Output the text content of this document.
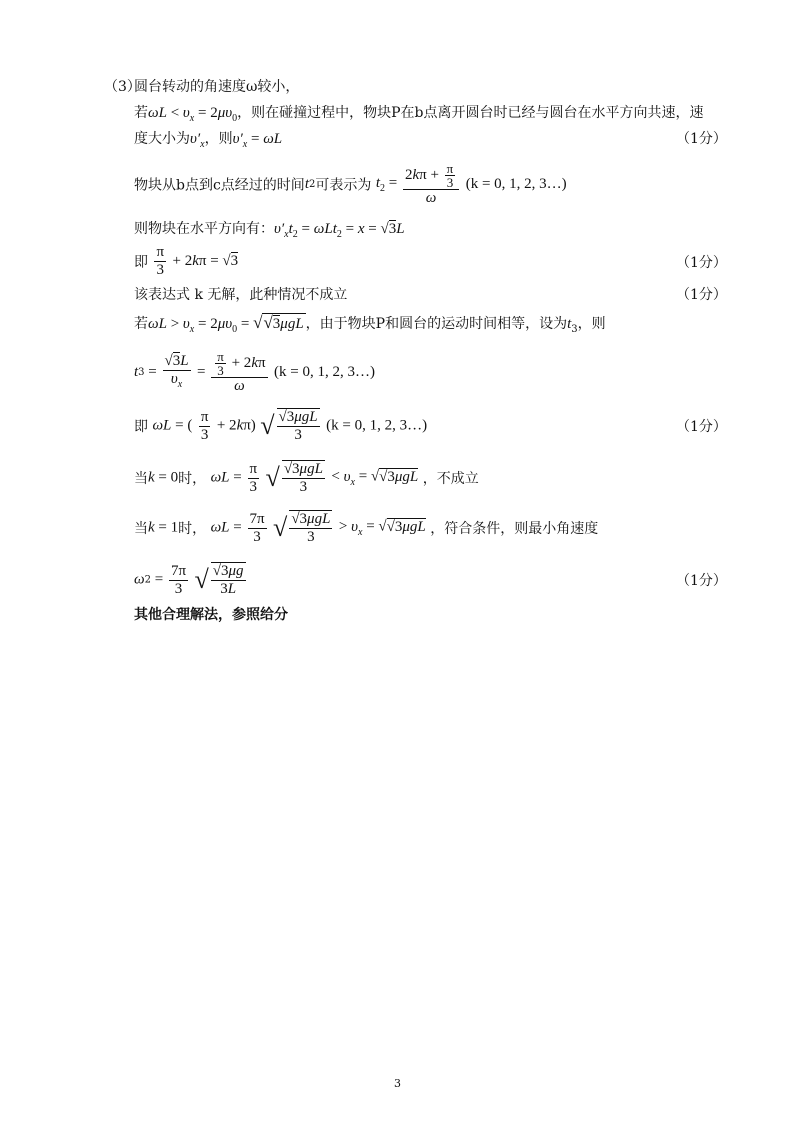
（3）
圆台转动的角速度ω较小，
若$\omega L < \upsilon_x = 2\mu\upsilon_0$，则在碰撞过程中，物块P在b点离开圆台时已经与圆台在水平方向共速，速
度大小为$\upsilon'_x$，则$\upsilon'_x = \omega L$	（1分）
物块从b点到c点经过的时间t2可表示为 $t_2 = \frac{2k\pi + \frac{\pi}{3}}{\omega} (k = 0$, 1, 2, 3…)
则物块在水平方向有：$\upsilon'_xt_2 = \omega Lt_2 = x = √3L$
即 $\frac{\pi}{3} + 2k\pi = √3$	（1分）
该表达式 k 无解，此种情况不成立	（1分）
若$\omega L > \upsilon_x = 2\mu\upsilon_0 = √√3\mu gL$ ，由于物块P和圆台的运动时间相等，设为$t_3$，则
$t3 = \frac{√3L}{\upsilon_x} = \frac{\frac{\pi}{3} + 2k\pi}{\omega} (k = 0$, 1, 2, 3…)
即 ωL = ( $\frac{\pi}{3} + 2k\pi$) √ $\frac{\text{√3μgL}}{3} (k = 0$, 1, 2, 3…)	（1分）
当k = 0时， $\omega L = \frac{\pi}{3}$ √ $\frac{\text{√3μgL}}{3} < \upsilon_x = √√3\mu gL$ ，不成立
当k = 1时， $\omega L = \frac{7\pi}{3}$ √ $\frac{\text{√3μgL}}{3} > \upsilon_x = √√3\mu gL$ ，符合条件，则最小角速度
$\omega 2 = \frac{7\pi}{3}$ √ $\frac{√3\mu g}{3L}$	（1分）
其他合理解法，参照给分
3
